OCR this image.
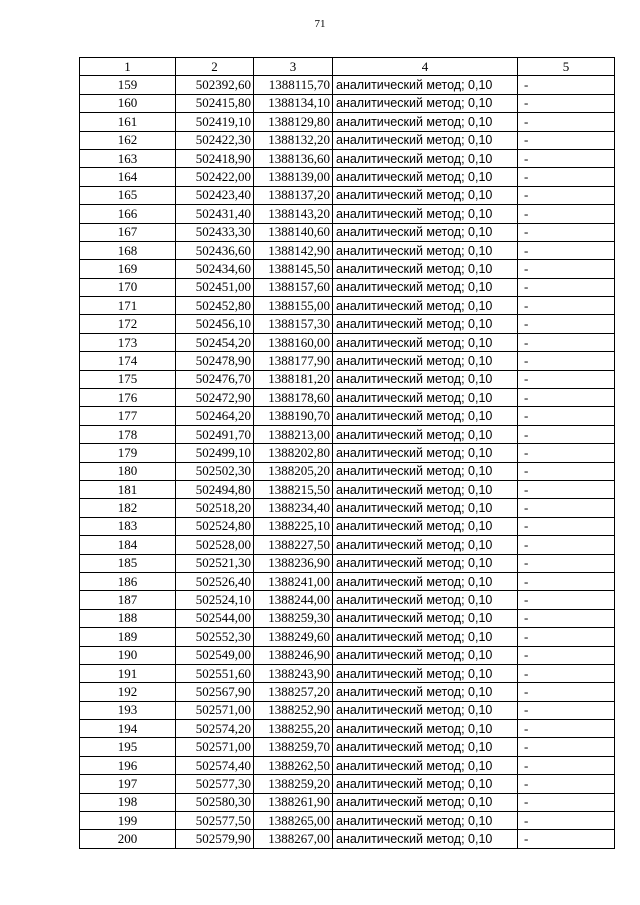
71
1	2	3	4	5
159	502392,60	1388115,70	аналитический метод; 0,10	-
160	502415,80	1388134,10	аналитический метод; 0,10	-
161	502419,10	1388129,80	аналитический метод; 0,10	-
162	502422,30	1388132,20	аналитический метод; 0,10	-
163	502418,90	1388136,60	аналитический метод; 0,10	-
164	502422,00	1388139,00	аналитический метод; 0,10	-
165	502423,40	1388137,20	аналитический метод; 0,10	-
166	502431,40	1388143,20	аналитический метод; 0,10	-
167	502433,30	1388140,60	аналитический метод; 0,10	-
168	502436,60	1388142,90	аналитический метод; 0,10	-
169	502434,60	1388145,50	аналитический метод; 0,10	-
170	502451,00	1388157,60	аналитический метод; 0,10	-
171	502452,80	1388155,00	аналитический метод; 0,10	-
172	502456,10	1388157,30	аналитический метод; 0,10	-
173	502454,20	1388160,00	аналитический метод; 0,10	-
174	502478,90	1388177,90	аналитический метод; 0,10	-
175	502476,70	1388181,20	аналитический метод; 0,10	-
176	502472,90	1388178,60	аналитический метод; 0,10	-
177	502464,20	1388190,70	аналитический метод; 0,10	-
178	502491,70	1388213,00	аналитический метод; 0,10	-
179	502499,10	1388202,80	аналитический метод; 0,10	-
180	502502,30	1388205,20	аналитический метод; 0,10	-
181	502494,80	1388215,50	аналитический метод; 0,10	-
182	502518,20	1388234,40	аналитический метод; 0,10	-
183	502524,80	1388225,10	аналитический метод; 0,10	-
184	502528,00	1388227,50	аналитический метод; 0,10	-
185	502521,30	1388236,90	аналитический метод; 0,10	-
186	502526,40	1388241,00	аналитический метод; 0,10	-
187	502524,10	1388244,00	аналитический метод; 0,10	-
188	502544,00	1388259,30	аналитический метод; 0,10	-
189	502552,30	1388249,60	аналитический метод; 0,10	-
190	502549,00	1388246,90	аналитический метод; 0,10	-
191	502551,60	1388243,90	аналитический метод; 0,10	-
192	502567,90	1388257,20	аналитический метод; 0,10	-
193	502571,00	1388252,90	аналитический метод; 0,10	-
194	502574,20	1388255,20	аналитический метод; 0,10	-
195	502571,00	1388259,70	аналитический метод; 0,10	-
196	502574,40	1388262,50	аналитический метод; 0,10	-
197	502577,30	1388259,20	аналитический метод; 0,10	-
198	502580,30	1388261,90	аналитический метод; 0,10	-
199	502577,50	1388265,00	аналитический метод; 0,10	-
200	502579,90	1388267,00	аналитический метод; 0,10	-
